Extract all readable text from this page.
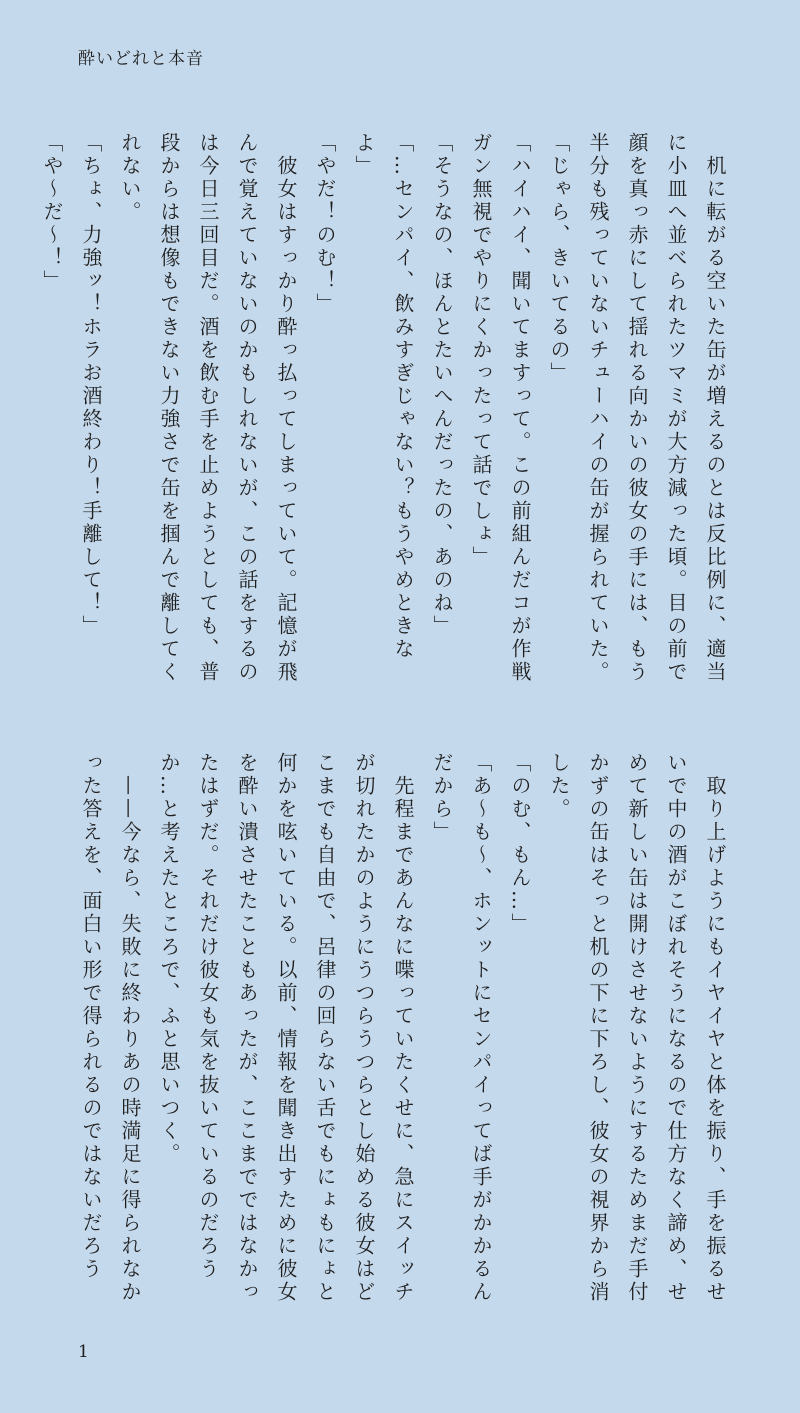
酔いどれと本音
　机に転がる空いた缶が増えるのとは反比例に、適当に小皿へ並べられたツマミが大方減った頃。目の前で顔を真っ赤にして揺れる向かいの彼女の手には、もう半分も残っていないチューハイの缶が握られていた。
「じゃら、きいてるの」
「ハイハイ、聞いてますって。この前組んだコが作戦ガン無視でやりにくかったって話でしょ」
「そうなの、ほんとたいへんだったの、あのね」
「…センパイ、飲みすぎじゃない？もうやめときなよ」
「やだ！のむ！」
　彼女はすっかり酔っ払ってしまっていて。記憶が飛んで覚えていないのかもしれないが、この話をするのは今日三回目だ。酒を飲む手を止めようとしても、普段からは想像もできない力強さで缶を掴んで離してくれない。
「ちょ、力強ッ！ホラお酒終わり！手離して！」
「や〜だ〜！」
　取り上げようにもイヤイヤと体を振り、手を振るせいで中の酒がこぼれそうになるので仕方なく諦め、せめて新しい缶は開けさせないようにするためまだ手付かずの缶はそっと机の下に下ろし、彼女の視界から消した。
「のむ、もん…」
「あ〜も〜、ホンットにセンパイってば手がかかるんだから」
　先程まであんなに喋っていたくせに、急にスイッチが切れたかのようにうつらうつらとし始める彼女はどこまでも自由で、呂律の回らない舌でもにょもにょと何かを呟いている。以前、情報を聞き出すために彼女を酔い潰させたこともあったが、ここまでではなかったはずだ。それだけ彼女も気を抜いているのだろうか…と考えたところで、ふと思いつく。
　——今なら、失敗に終わりあの時満足に得られなかった答えを、面白い形で得られるのではないだろう
1
